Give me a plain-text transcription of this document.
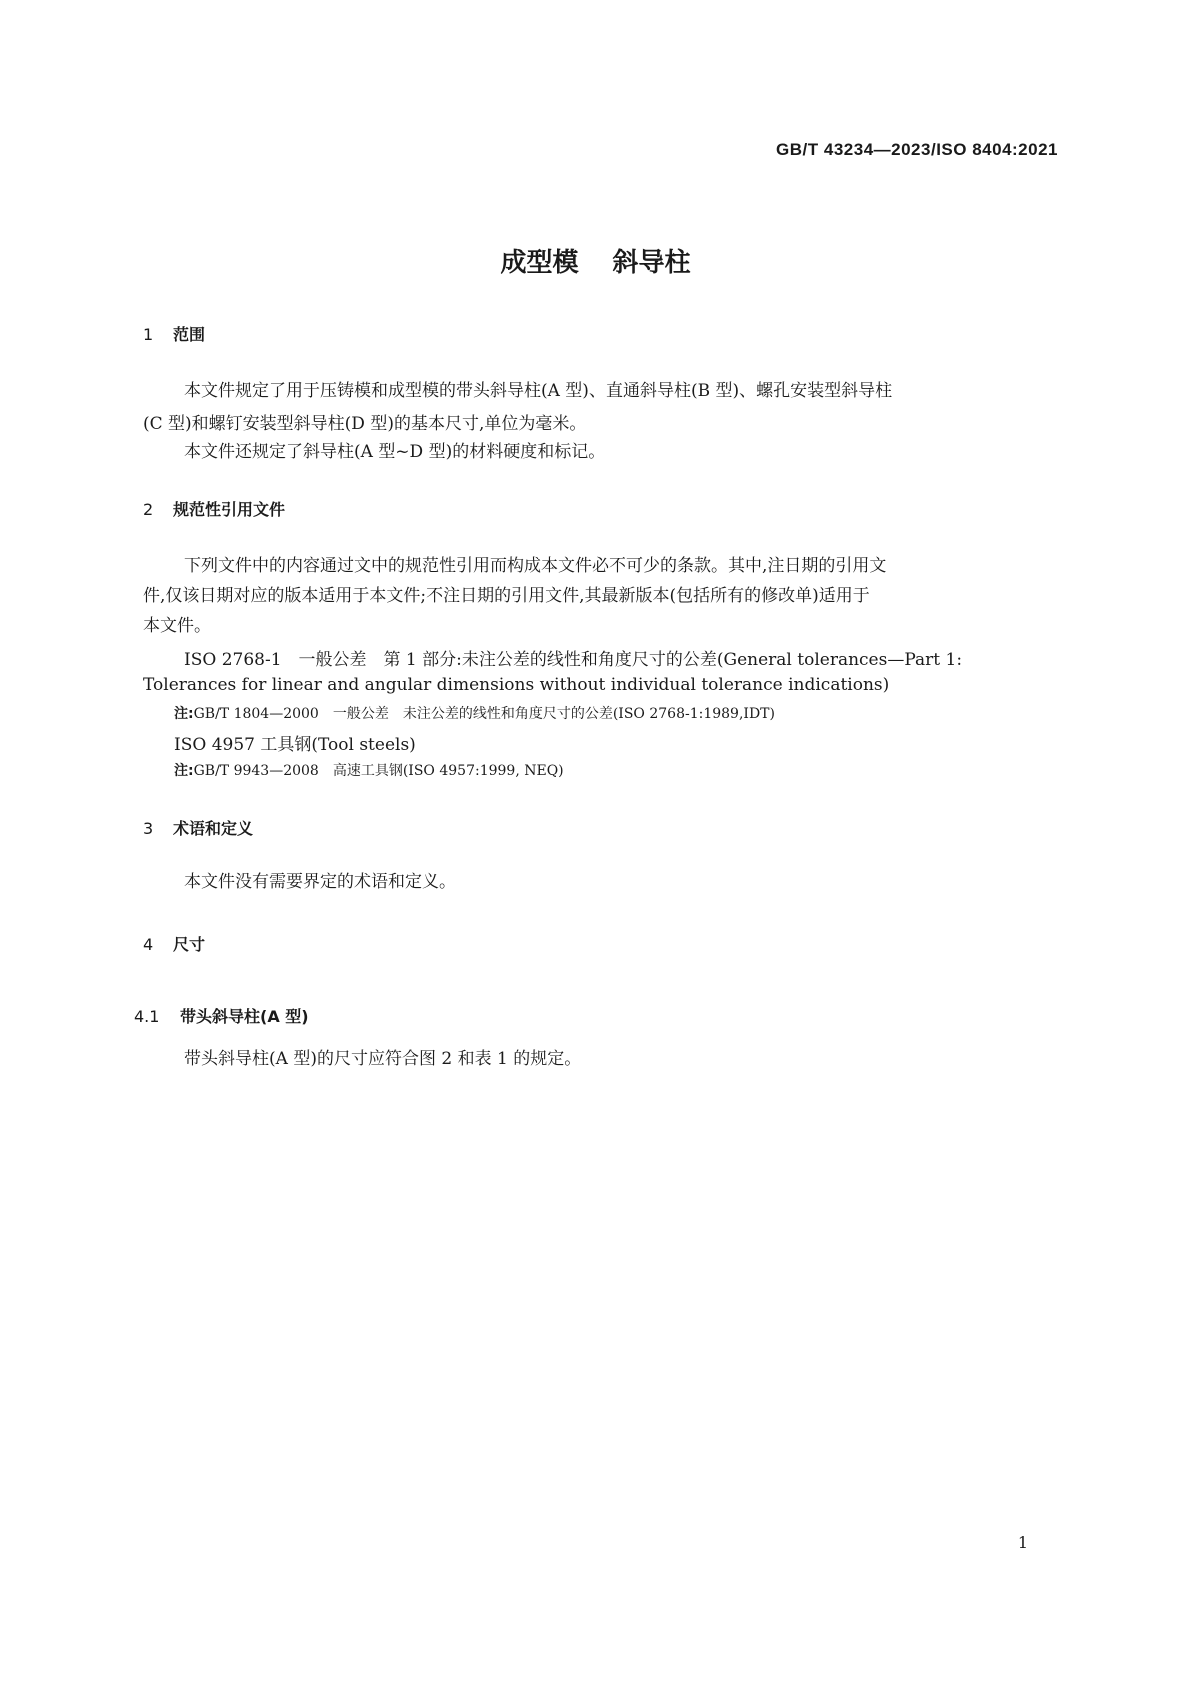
GB/T 43234—2023/ISO 8404:2021
成型模 斜导柱
1 范围
本文件规定了用于压铸模和成型模的带头斜导柱(A 型)、直通斜导柱(B 型)、螺孔安装型斜导柱
(C 型)和螺钉安装型斜导柱(D 型)的基本尺寸,单位为毫米。
本文件还规定了斜导柱(A 型~D 型)的材料硬度和标记。
2 规范性引用文件
下列文件中的内容通过文中的规范性引用而构成本文件必不可少的条款。其中,注日期的引用文
件,仅该日期对应的版本适用于本文件;不注日期的引用文件,其最新版本(包括所有的修改单)适用于
本文件。
ISO 2768-1　一般公差　第 1 部分:未注公差的线性和角度尺寸的公差(General tolerances—Part 1:
Tolerances for linear and angular dimensions without individual tolerance indications)
注:GB/T 1804—2000　一般公差　未注公差的线性和角度尺寸的公差(ISO 2768-1:1989,IDT)
ISO 4957 工具钢(Tool steels)
注:GB/T 9943—2008　高速工具钢(ISO 4957:1999, NEQ)
3 术语和定义
本文件没有需要界定的术语和定义。
4 尺寸
4.1 带头斜导柱(A 型)
带头斜导柱(A 型)的尺寸应符合图 2 和表 1 的规定。
1
